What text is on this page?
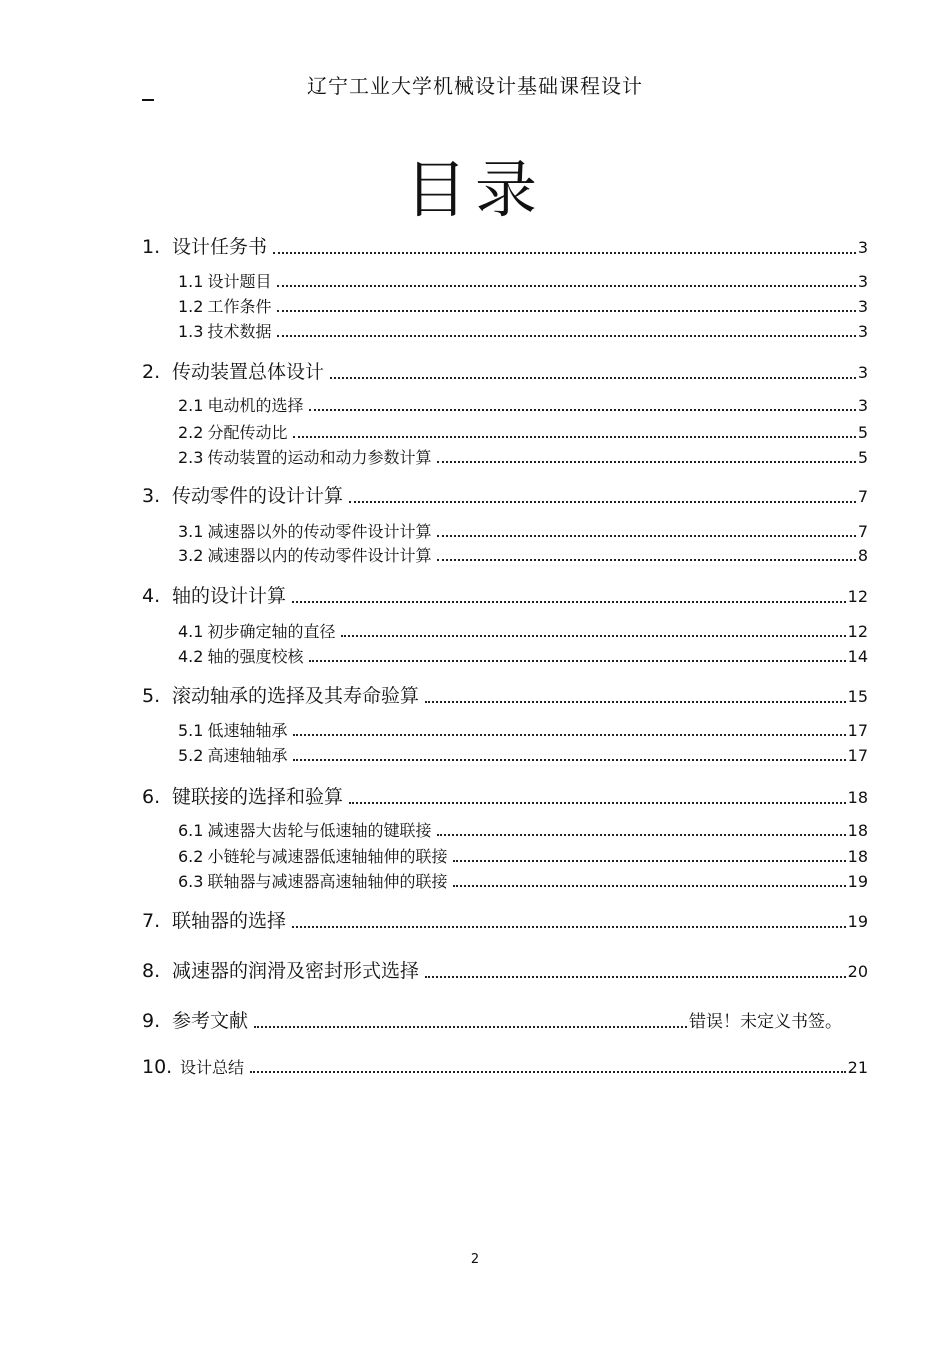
辽宁工业大学机械设计基础课程设计
目录
1. 设计任务书	3
1.1 设计题目	3
1.2 工作条件	3
1.3 技术数据	3
2. 传动装置总体设计	3
2.1 电动机的选择	3
2.2 分配传动比	5
2.3 传动装置的运动和动力参数计算	5
3. 传动零件的设计计算	7
3.1 减速器以外的传动零件设计计算	7
3.2 减速器以内的传动零件设计计算	8
4. 轴的设计计算	12
4.1 初步确定轴的直径	12
4.2 轴的强度校核	14
5. 滚动轴承的选择及其寿命验算	15
5.1 低速轴轴承	17
5.2 高速轴轴承	17
6. 键联接的选择和验算	18
6.1 减速器大齿轮与低速轴的键联接	18
6.2 小链轮与减速器低速轴轴伸的联接	18
6.3 联轴器与减速器高速轴轴伸的联接	19
7. 联轴器的选择	19
8. 减速器的润滑及密封形式选择	20
9. 参考文献	错误！未定义书签。
10. 设计总结	21
2
